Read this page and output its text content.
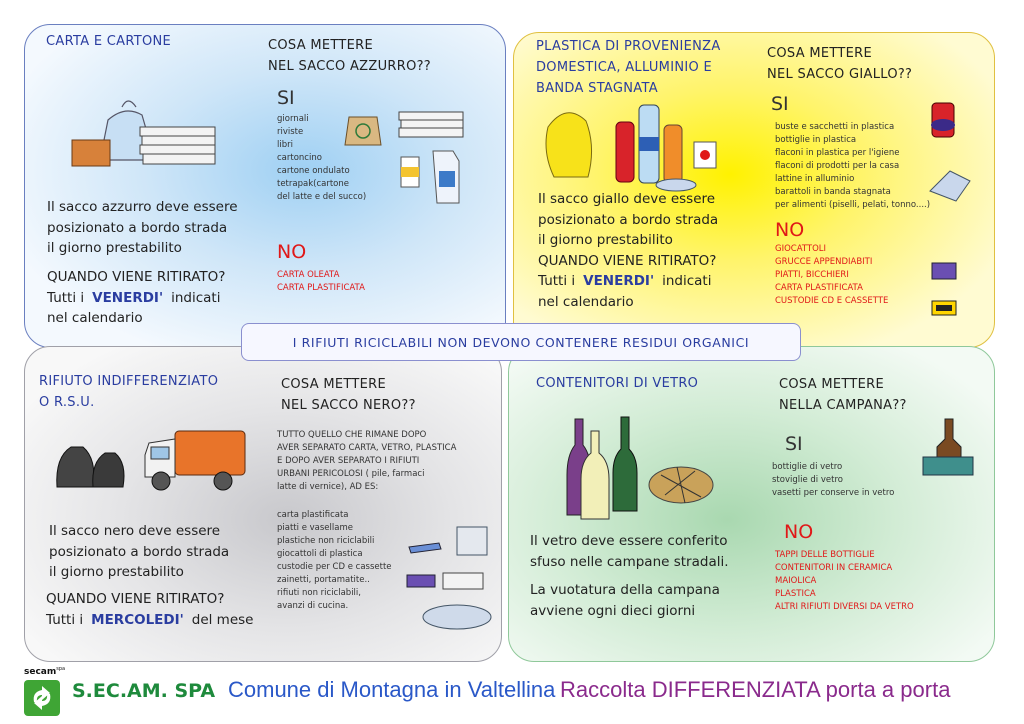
CARTA E CARTONE	COSA METTERE
NEL SACCO AZZURRO??
SI
giornali
riviste
libri
cartoncino
cartone ondulato
tetrapak(cartone
del latte e del succo)
NO
CARTA OLEATA
CARTA PLASTIFICATA
Il sacco azzurro deve essere
posizionato a bordo strada
il giorno prestabilito
QUANDO VIENE RITIRATO?
Tutti i VENERDI' indicati
nel calendario
PLASTICA DI PROVENIENZA
DOMESTICA, ALLUMINIO E
BANDA STAGNATA
COSA METTERE
NEL SACCO GIALLO??
SI
buste e sacchetti in plastica
bottiglie in plastica
flaconi in plastica per l'igiene
flaconi di prodotti per la casa
lattine in alluminio
barattoli in banda stagnata
per alimenti (piselli, pelati, tonno....)
NO
GIOCATTOLI
GRUCCE APPENDIABITI
PIATTI, BICCHIERI
CARTA PLASTIFICATA
CUSTODIE CD E CASSETTE
Il sacco giallo deve essere
posizionato a bordo strada
il giorno prestabilito
QUANDO VIENE RITIRATO?
Tutti i VENERDI' indicati
nel calendario
RIFIUTO INDIFFERENZIATO
O R.S.U.
COSA METTERE
NEL SACCO NERO??
TUTTO QUELLO CHE RIMANE DOPO
AVER SEPARATO CARTA, VETRO, PLASTICA
E DOPO AVER SEPARATO I RIFIUTI
URBANI PERICOLOSI ( pile, farmaci
latte di vernice), AD ES:
carta plastificata
piatti e vasellame
plastiche non riciclabili
giocattoli di plastica
custodie per CD e cassette
zainetti, portamatite..
rifiuti non riciclabili,
avanzi di cucina.
Il sacco nero deve essere
posizionato a bordo strada
il giorno prestabilito
QUANDO VIENE RITIRATO?
Tutti i MERCOLEDI' del mese
CONTENITORI DI VETRO	COSA METTERE
NELLA CAMPANA??
SI
bottiglie di vetro
stoviglie di vetro
vasetti per conserve in vetro
NO
TAPPI DELLE BOTTIGLIE
CONTENITORI IN CERAMICA
MAIOLICA
PLASTICA
ALTRI RIFIUTI DIVERSI DA VETRO
Il vetro deve essere conferito
sfuso nelle campane stradali.
La vuotatura della campana
avviene ogni dieci giorni
I RIFIUTI RICICLABILI NON DEVONO CONTENERE RESIDUI ORGANICI
secam$^{spa}$
S.EC.AM. SPA Comune di Montagna in Valtellina Raccolta DIFFERENZIATA porta a porta
